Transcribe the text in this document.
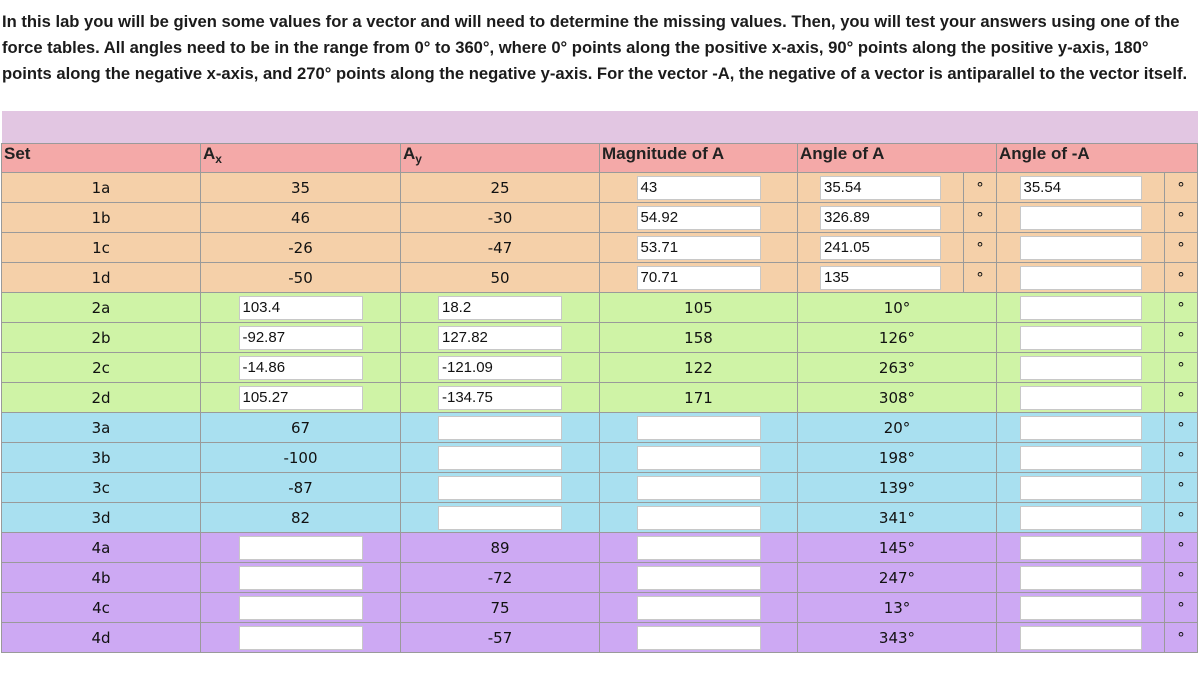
In this lab you will be given some values for a vector and will need to determine the missing values. Then, you will test your answers using one of the force tables. All angles need to be in the range from 0° to 360°, where 0° points along the positive x-axis, 90° points along the positive y-axis, 180° points along the negative x-axis, and 270° points along the negative y-axis. For the vector -A, the negative of a vector is antiparallel to the vector itself.

Set	$A_x$	$A_y$	Magnitude of A	Angle of A		Angle of -A	
1a	35	25	43	35.54	°	35.54	°
1b	46	-30	54.92	326.89	°		°
1c	-26	-47	53.71	241.05	°		°
1d	-50	50	70.71	135	°		°
2a	103.4	18.2	105	10°			°
2b	-92.87	127.82	158	126°			°
2c	-14.86	-121.09	122	263°			°
2d	105.27	-134.75	171	308°			°
3a	67			20°			°
3b	-100			198°			°
3c	-87			139°			°
3d	82			341°			°
4a		89		145°			°
4b		-72		247°			°
4c		75		13°			°
4d		-57		343°			°
